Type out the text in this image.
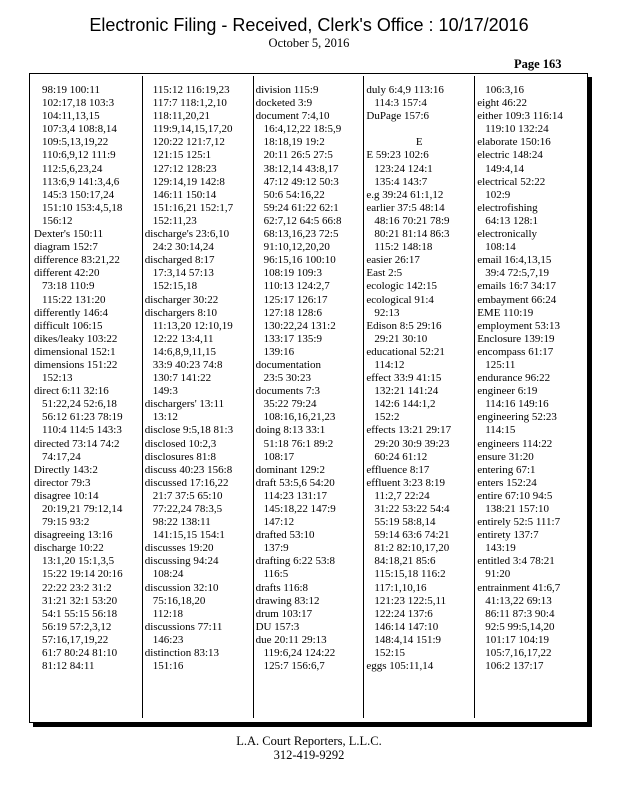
Electronic Filing - Received, Clerk's Office : 10/17/2016
October 5, 2016
Page 163
98:19 100:11
102:17,18 103:3
104:11,13,15
107:3,4 108:8,14
109:5,13,19,22
110:6,9,12 111:9
112:5,6,23,24
113:6,9 141:3,4,6
145:3 150:17,24
151:10 153:4,5,18
156:12
Dexter's 150:11
diagram 152:7
difference 83:21,22
different 42:20
73:18 110:9
115:22 131:20
differently 146:4
difficult 106:15
dikes/leaky 103:22
dimensional 152:1
dimensions 151:22
152:13
direct 6:11 32:16
51:22,24 52:6,18
56:12 61:23 78:19
110:4 114:5 143:3
directed 73:14 74:2
74:17,24
Directly 143:2
director 79:3
disagree 10:14
20:19,21 79:12,14
79:15 93:2
disagreeing 13:16
discharge 10:22
13:1,20 15:1,3,5
15:22 19:14 20:16
22:22 23:2 31:2
31:21 32:1 53:20
54:1 55:15 56:18
56:19 57:2,3,12
57:16,17,19,22
61:7 80:24 81:10
81:12 84:11
115:12 116:19,23
117:7 118:1,2,10
118:11,20,21
119:9,14,15,17,20
120:22 121:7,12
121:15 125:1
127:12 128:23
129:14,19 142:8
146:11 150:14
151:16,21 152:1,7
152:11,23
discharge's 23:6,10
24:2 30:14,24
discharged 8:17
17:3,14 57:13
152:15,18
discharger 30:22
dischargers 8:10
11:13,20 12:10,19
12:22 13:4,11
14:6,8,9,11,15
33:9 40:23 74:8
130:7 141:22
149:3
dischargers' 13:11
13:12
disclose 9:5,18 81:3
disclosed 10:2,3
disclosures 81:8
discuss 40:23 156:8
discussed 17:16,22
21:7 37:5 65:10
77:22,24 78:3,5
98:22 138:11
141:15,15 154:1
discusses 19:20
discussing 94:24
108:24
discussion 32:10
75:16,18,20
112:18
discussions 77:11
146:23
distinction 83:13
151:16
division 115:9
docketed 3:9
document 7:4,10
16:4,12,22 18:5,9
18:18,19 19:2
20:11 26:5 27:5
38:12,14 43:8,17
47:12 49:12 50:3
50:6 54:16,22
59:24 61:22 62:1
62:7,12 64:5 66:8
68:13,16,23 72:5
91:10,12,20,20
96:15,16 100:10
108:19 109:3
110:13 124:2,7
125:17 126:17
127:18 128:6
130:22,24 131:2
133:17 135:9
139:16
documentation
23:5 30:23
documents 7:3
35:22 79:24
108:16,16,21,23
doing 8:13 33:1
51:18 76:1 89:2
108:17
dominant 129:2
draft 53:5,6 54:20
114:23 131:17
145:18,22 147:9
147:12
drafted 53:10
137:9
drafting 6:22 53:8
116:5
drafts 116:8
drawing 83:12
drum 103:17
DU 157:3
due 20:11 29:13
119:6,24 124:22
125:7 156:6,7
duly 6:4,9 113:16
114:3 157:4
DuPage 157:6
E
E 59:23 102:6
123:24 124:1
135:4 143:7
e.g 39:24 61:1,12
earlier 37:5 48:14
48:16 70:21 78:9
80:21 81:14 86:3
115:2 148:18
easier 26:17
East 2:5
ecologic 142:15
ecological 91:4
92:13
Edison 8:5 29:16
29:21 30:10
educational 52:21
114:12
effect 33:9 41:15
132:21 141:24
142:6 144:1,2
152:2
effects 13:21 29:17
29:20 30:9 39:23
60:24 61:12
effluence 8:17
effluent 3:23 8:19
11:2,7 22:24
31:22 53:22 54:4
55:19 58:8,14
59:14 63:6 74:21
81:2 82:10,17,20
84:18,21 85:6
115:15,18 116:2
117:1,10,16
121:23 122:5,11
122:24 137:6
146:14 147:10
148:4,14 151:9
152:15
eggs 105:11,14
106:3,16
eight 46:22
either 109:3 116:14
119:10 132:24
elaborate 150:16
electric 148:24
149:4,14
electrical 52:22
102:9
electrofishing
64:13 128:1
electronically
108:14
email 16:4,13,15
39:4 72:5,7,19
emails 16:7 34:17
embayment 66:24
EME 110:19
employment 53:13
Enclosure 139:19
encompass 61:17
125:11
endurance 96:22
engineer 6:19
114:16 149:16
engineering 52:23
114:15
engineers 114:22
ensure 31:20
entering 67:1
enters 152:24
entire 67:10 94:5
138:21 157:10
entirely 52:5 111:7
entirety 137:7
143:19
entitled 3:4 78:21
91:20
entrainment 41:6,7
41:13,22 69:13
86:11 87:3 90:4
92:5 99:5,14,20
101:17 104:19
105:7,16,17,22
106:2 137:17
L.A. Court Reporters, L.L.C.
312-419-9292
